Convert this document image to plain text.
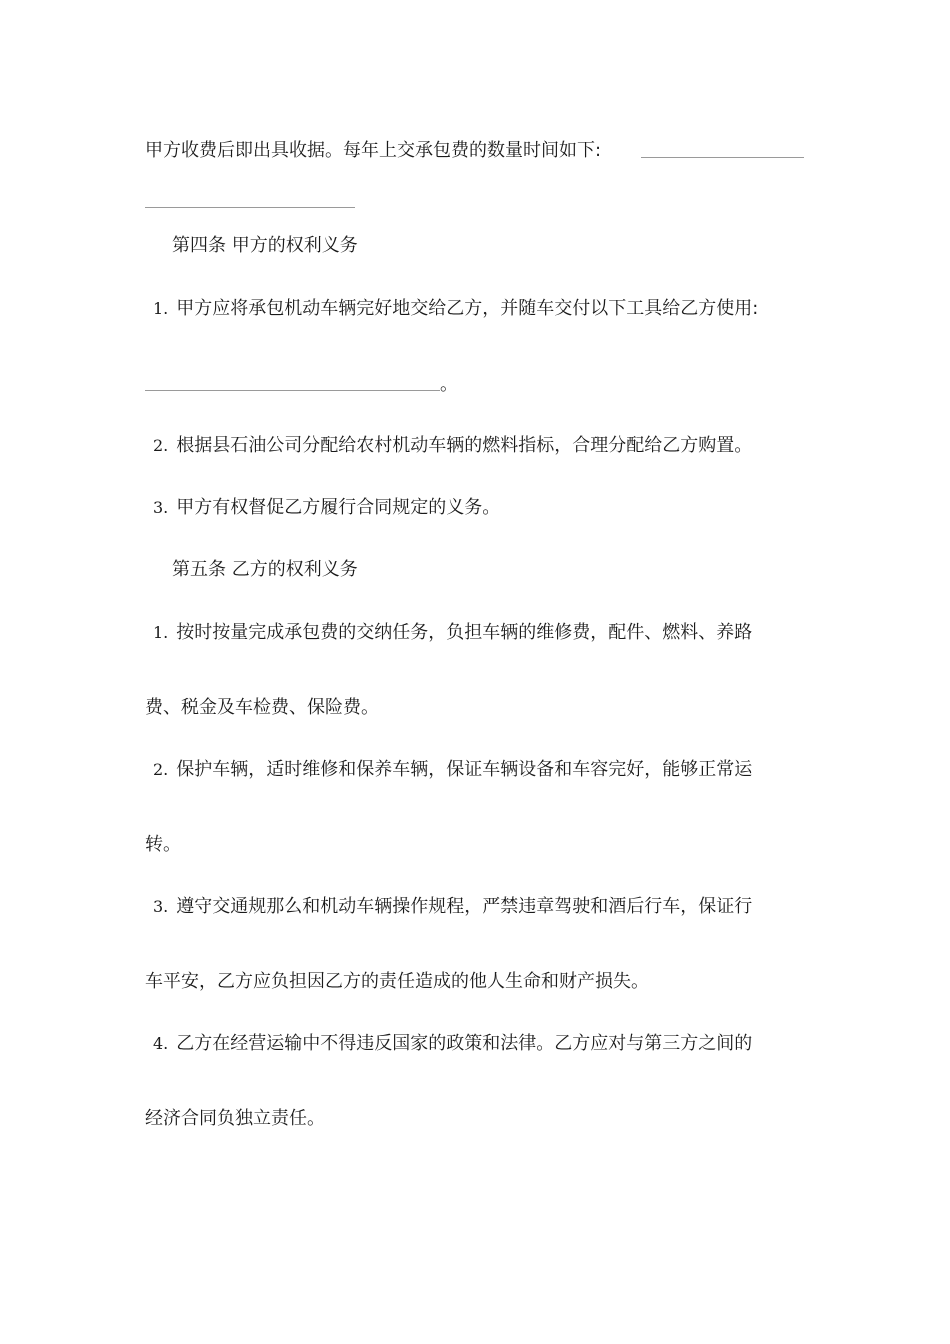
甲方收费后即出具收据。每年上交承包费的数量时间如下:
第四条 甲方的权利义务
1. 甲方应将承包机动车辆完好地交给乙方，并随车交付以下工具给乙方使用:
。
2. 根据县石油公司分配给农村机动车辆的燃料指标，合理分配给乙方购置。
3. 甲方有权督促乙方履行合同规定的义务。
第五条 乙方的权利义务
1. 按时按量完成承包费的交纳任务，负担车辆的维修费，配件、燃料、养路
费、税金及车检费、保险费。
2. 保护车辆，适时维修和保养车辆，保证车辆设备和车容完好，能够正常运
转。
3. 遵守交通规那么和机动车辆操作规程，严禁违章驾驶和酒后行车，保证行
车平安，乙方应负担因乙方的责任造成的他人生命和财产损失。
4. 乙方在经营运输中不得违反国家的政策和法律。乙方应对与第三方之间的
经济合同负独立责任。
